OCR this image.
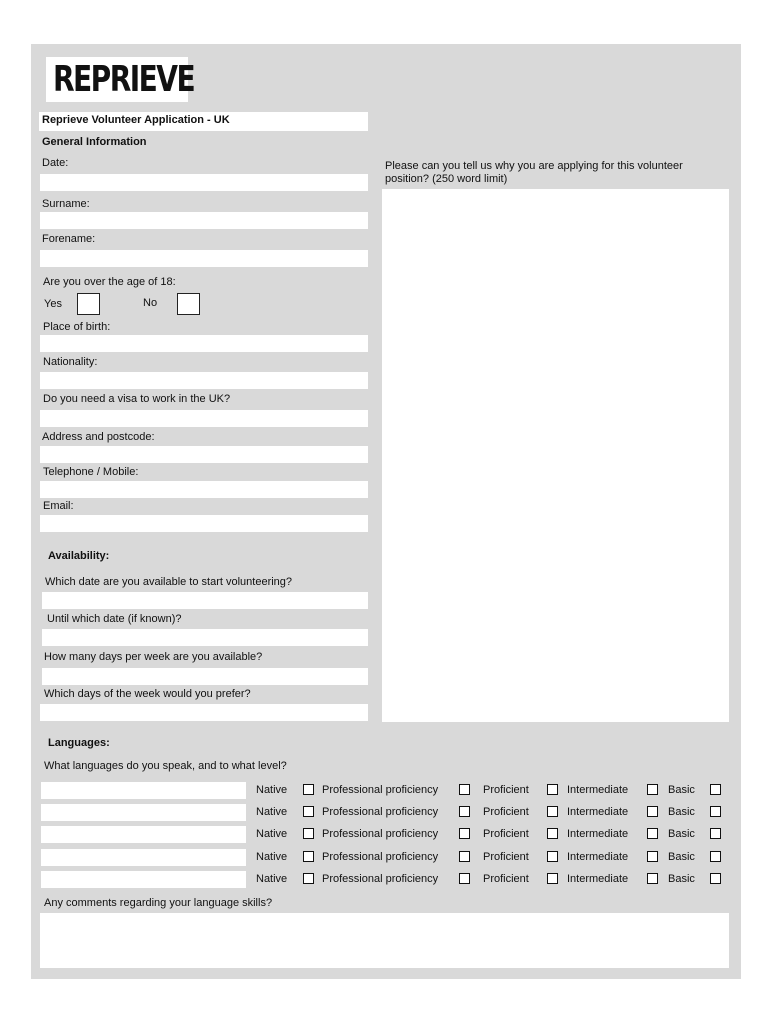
REPRIEVE
Reprieve Volunteer Application - UK
General Information
Date:
Surname:
Forename:
Are you over the age of 18:
Yes	No
Place of birth:
Nationality:
Do you need a visa to work in the UK?
Address and postcode:
Telephone / Mobile:
Email:
Please can you tell us why you are applying for this volunteer position? (250 word limit)
Availability:
Which date are you available to start volunteering?
Until which date (if known)?
How many days per week are you available?
Which days of the week would you prefer?
Languages:
What languages do you speak, and to what level?
Native	Professional proficiency	Proficient	Intermediate	Basic
Native	Professional proficiency	Proficient	Intermediate	Basic
Native	Professional proficiency	Proficient	Intermediate	Basic
Native	Professional proficiency	Proficient	Intermediate	Basic
Native	Professional proficiency	Proficient	Intermediate	Basic
Any comments regarding your language skills?
